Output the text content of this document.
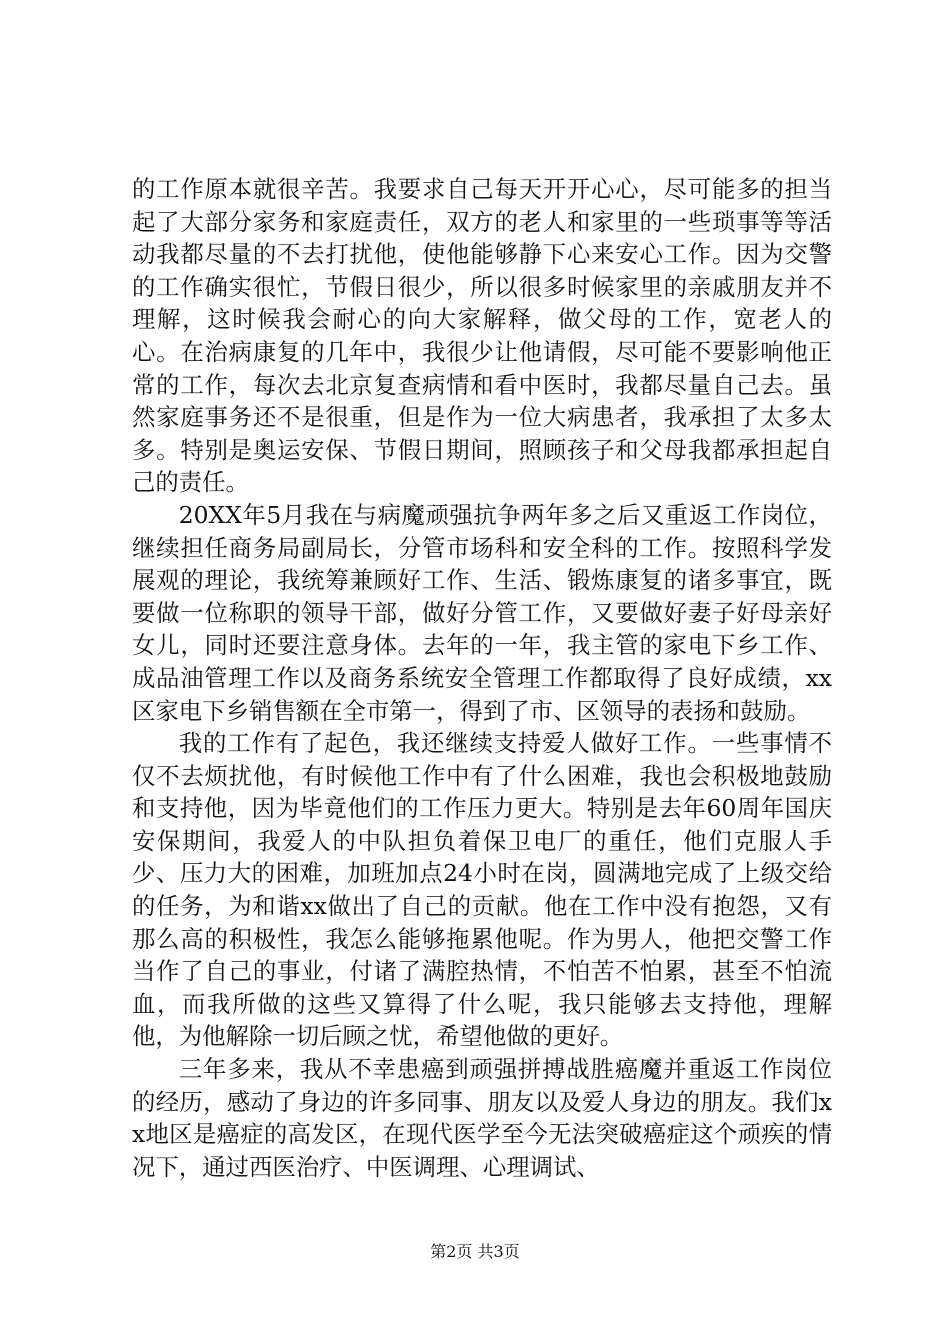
的工作原本就很辛苦。我要求自己每天开开心心，尽可能多的担当起了大部分家务和家庭责任，双方的老人和家里的一些琐事等等活动我都尽量的不去打扰他，使他能够静下心来安心工作。因为交警的工作确实很忙，节假日很少，所以很多时候家里的亲戚朋友并不理解，这时候我会耐心的向大家解释，做父母的工作，宽老人的心。在治病康复的几年中，我很少让他请假，尽可能不要影响他正常的工作，每次去北京复查病情和看中医时，我都尽量自己去。虽然家庭事务还不是很重，但是作为一位大病患者，我承担了太多太多。特别是奥运安保、节假日期间，照顾孩子和父母我都承担起自己的责任。

20XX年5月我在与病魔顽强抗争两年多之后又重返工作岗位，继续担任商务局副局长，分管市场科和安全科的工作。按照科学发展观的理论，我统筹兼顾好工作、生活、锻炼康复的诸多事宜，既要做一位称职的领导干部，做好分管工作，又要做好妻子好母亲好女儿，同时还要注意身体。去年的一年，我主管的家电下乡工作、成品油管理工作以及商务系统安全管理工作都取得了良好成绩，xx区家电下乡销售额在全市第一，得到了市、区领导的表扬和鼓励。

我的工作有了起色，我还继续支持爱人做好工作。一些事情不仅不去烦扰他，有时候他工作中有了什么困难，我也会积极地鼓励和支持他，因为毕竟他们的工作压力更大。特别是去年60周年国庆安保期间，我爱人的中队担负着保卫电厂的重任，他们克服人手少、压力大的困难，加班加点24小时在岗，圆满地完成了上级交给的任务，为和谐xx做出了自己的贡献。他在工作中没有抱怨，又有那么高的积极性，我怎么能够拖累他呢。作为男人，他把交警工作当作了自己的事业，付诸了满腔热情，不怕苦不怕累，甚至不怕流血，而我所做的这些又算得了什么呢，我只能够去支持他，理解他，为他解除一切后顾之忧，希望他做的更好。

三年多来，我从不幸患癌到顽强拼搏战胜癌魔并重返工作岗位的经历，感动了身边的许多同事、朋友以及爱人身边的朋友。我们xx地区是癌症的高发区，在现代医学至今无法突破癌症这个顽疾的情况下，通过西医治疗、中医调理、心理调试、

第2页 共3页
